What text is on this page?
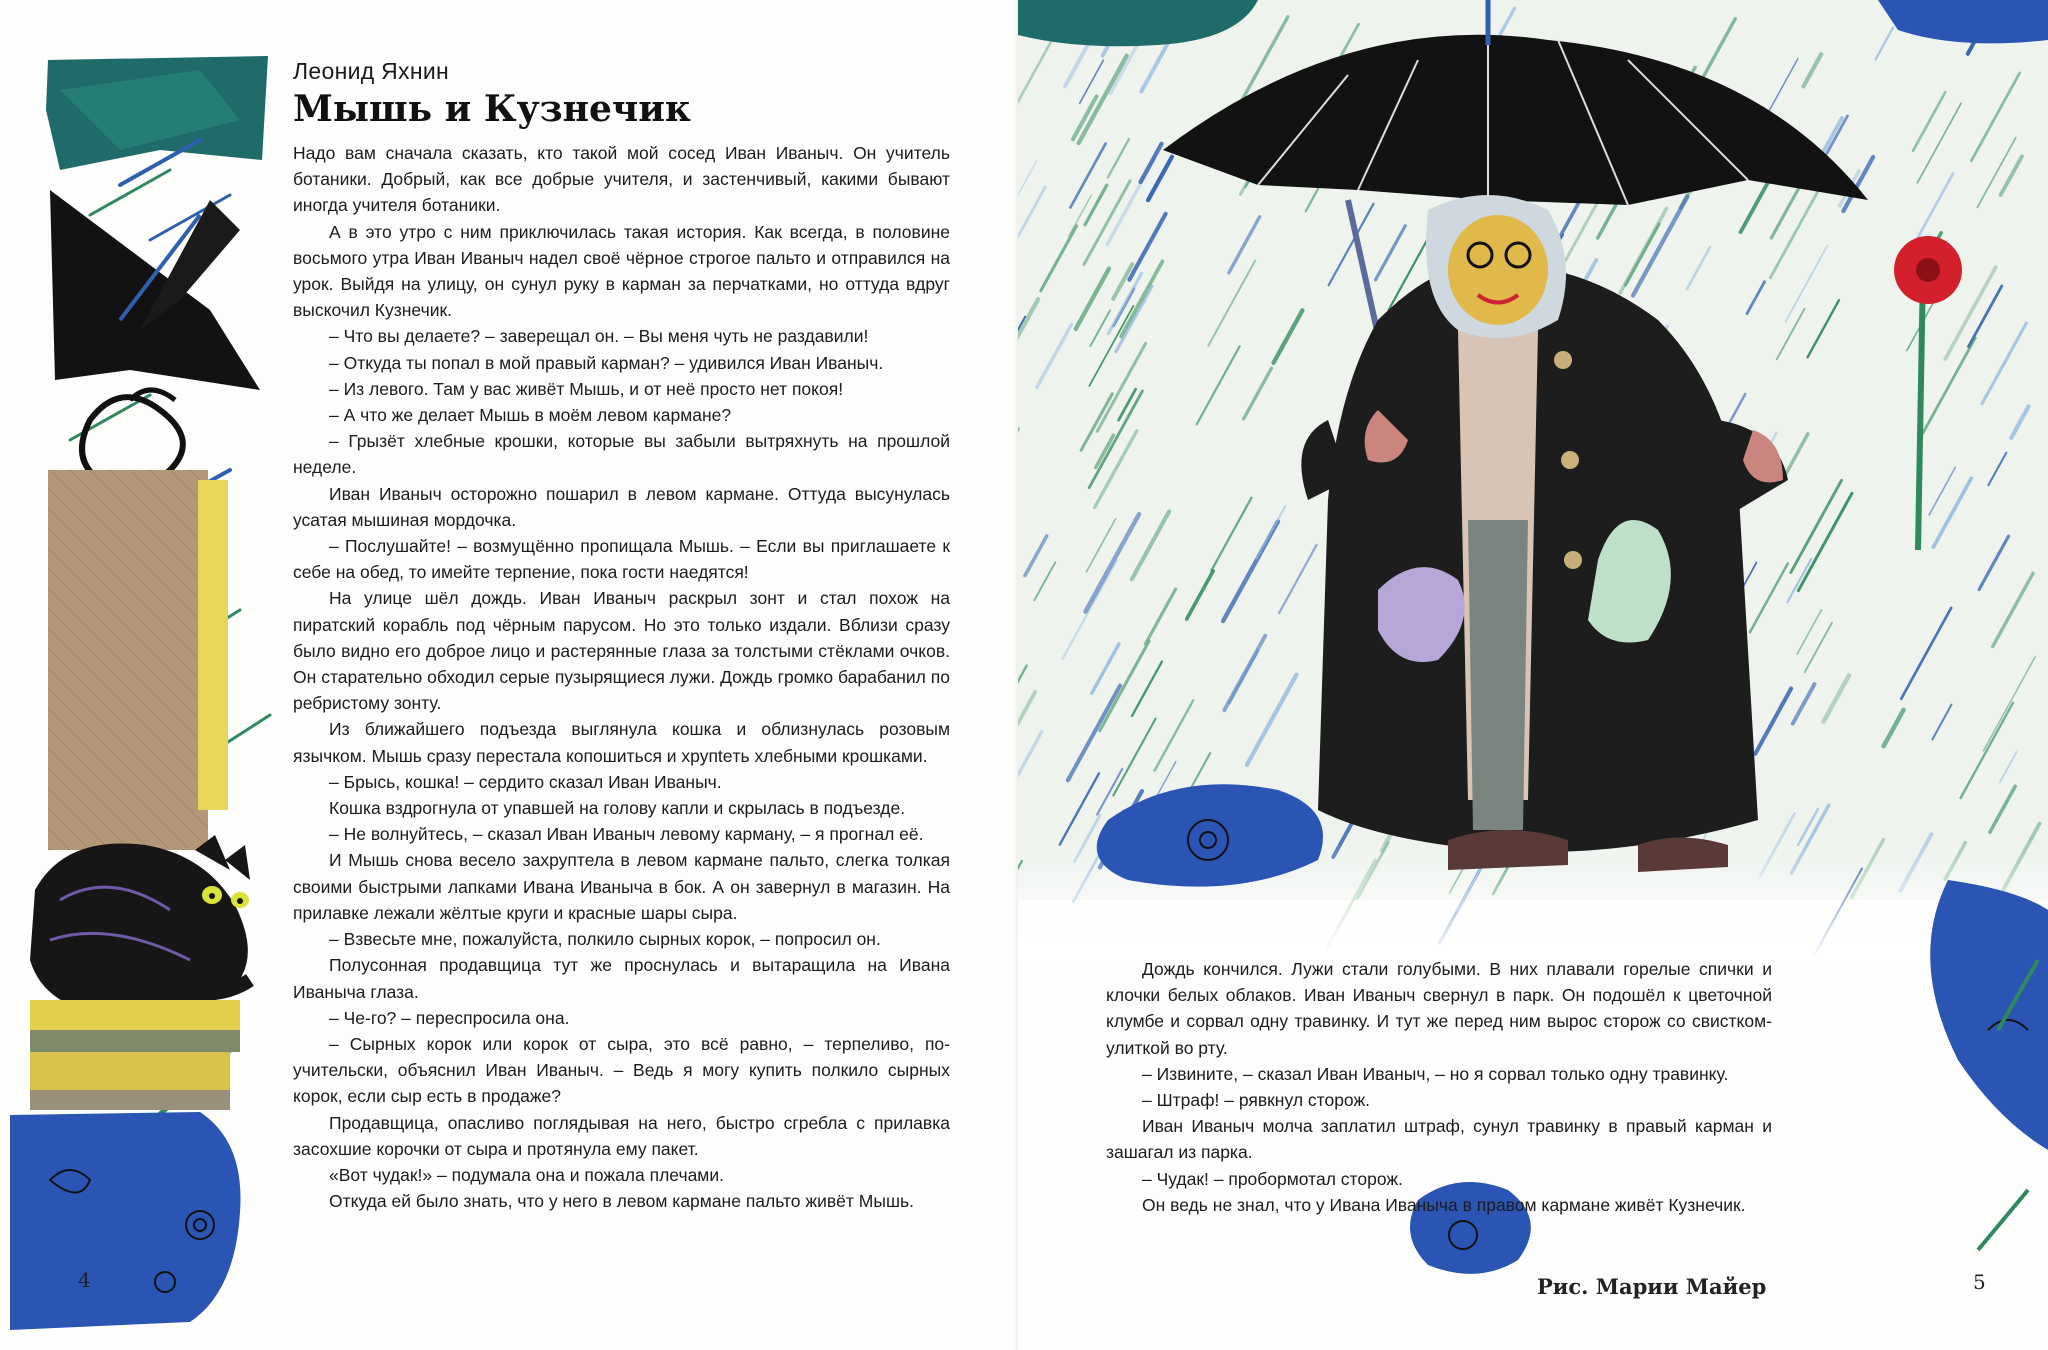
4
Леонид Яхнин
Мышь и Кузнечик

Надо вам сначала сказать, кто такой мой сосед Иван Иваныч. Он учитель ботаники. Добрый, как все добрые учителя, и застенчивый, какими бывают иногда учителя ботаники.

А в это утро с ним приключилась такая история. Как всегда, в половине восьмого утра Иван Иваныч надел своё чёрное строгое пальто и отправился на урок. Выйдя на улицу, он сунул руку в карман за перчатками, но оттуда вдруг выскочил Кузнечик.

– Что вы делаете? – заверещал он. – Вы меня чуть не раздавили!

– Откуда ты попал в мой правый карман? – удивился Иван Иваныч.

– Из левого. Там у вас живёт Мышь, и от неё просто нет покоя!

– А что же делает Мышь в моём левом кармане?

– Грызёт хлебные крошки, которые вы забыли вытряхнуть на прошлой неделе.

Иван Иваныч осторожно пошарил в левом кармане. Оттуда высунулась усатая мышиная мордочка.

– Послушайте! – возмущённо пропищала Мышь. – Если вы приглашаете к себе на обед, то имейте терпение, пока гости наедятся!

На улице шёл дождь. Иван Иваныч раскрыл зонт и стал похож на пиратский корабль под чёрным парусом. Но это только издали. Вблизи сразу было видно его доброе лицо и растерянные глаза за толстыми стёклами очков. Он старательно обходил серые пузырящиеся лужи. Дождь громко барабанил по ребристому зонту.

Из ближайшего подъезда выглянула кошка и облизнулась розовым язычком. Мышь сразу перестала копошиться и хрупteть хлебными крошками.

– Брысь, кошка! – сердито сказал Иван Иваныч.

Кошка вздрогнула от упавшей на голову капли и скрылась в подъезде.

– Не волнуйтесь, – сказал Иван Иваныч левому карману, – я прогнал её.

И Мышь снова весело захруптела в левом кармане пальто, слегка толкая своими быстрыми лапками Ивана Иваныча в бок. А он завернул в магазин. На прилавке лежали жёлтые круги и красные шары сыра.

– Взвесьте мне, пожалуйста, полкило сырных корок, – попросил он.

Полусонная продавщица тут же проснулась и вытаращила на Ивана Иваныча глаза.

– Че-го? – переспросила она.

– Сырных корок или корок от сыра, это всё равно, – терпеливо, по-учительски, объяснил Иван Иваныч. – Ведь я могу купить полкило сырных корок, если сыр есть в продаже?

Продавщица, опасливо поглядывая на него, быстро сгребла с прилавка засохшие корочки от сыра и протянула ему пакет.

«Вот чудак!» – подумала она и пожала плечами.

Откуда ей было знать, что у него в левом кармане пальто живёт Мышь.

5

Дождь кончился. Лужи стали голубыми. В них плавали горелые спички и клочки белых облаков. Иван Иваныч свернул в парк. Он подошёл к цветочной клумбе и сорвал одну травинку. И тут же перед ним вырос сторож со свистком-улиткой во рту.

– Извините, – сказал Иван Иваныч, – но я сорвал только одну травинку.

– Штраф! – рявкнул сторож.

Иван Иваныч молча заплатил штраф, сунул травинку в правый карман и зашагал из парка.

– Чудак! – пробормотал сторож.

Он ведь не знал, что у Ивана Иваныча в правом кармане живёт Кузнечик.

Рис. Марии Майер
